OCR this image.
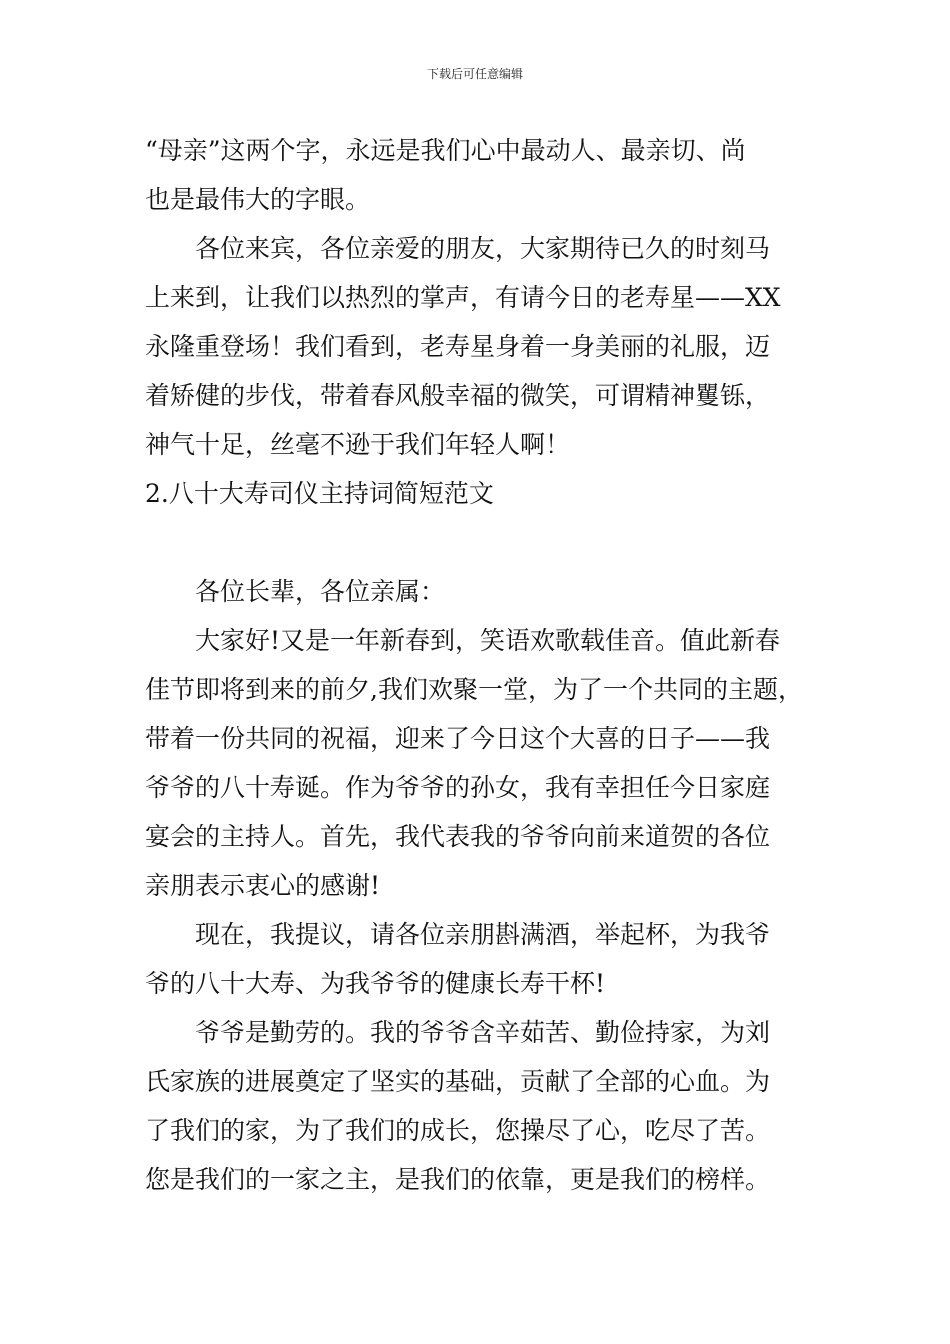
下载后可任意编辑

“母亲”这两个字，永远是我们心中最动人、最亲切、尚
也是最伟大的字眼。

各位来宾，各位亲爱的朋友，大家期待已久的时刻马
上来到，让我们以热烈的掌声，有请今日的老寿星——XX
永隆重登场！我们看到，老寿星身着一身美丽的礼服，迈
着矫健的步伐，带着春风般幸福的微笑，可谓精神矍铄，
神气十足，丝毫不逊于我们年轻人啊！

2.八十大寿司仪主持词简短范文

各位长辈，各位亲属：

大家好!又是一年新春到，笑语欢歌载佳音。值此新春
佳节即将到来的前夕,我们欢聚一堂，为了一个共同的主题，
带着一份共同的祝福，迎来了今日这个大喜的日子——我
爷爷的八十寿诞。作为爷爷的孙女，我有幸担任今日家庭
宴会的主持人。首先，我代表我的爷爷向前来道贺的各位
亲朋表示衷心的感谢!

现在，我提议，请各位亲朋斟满酒，举起杯，为我爷
爷的八十大寿、为我爷爷的健康长寿干杯!

爷爷是勤劳的。我的爷爷含辛茹苦、勤俭持家，为刘
氏家族的进展奠定了坚实的基础，贡献了全部的心血。为
了我们的家，为了我们的成长，您操尽了心，吃尽了苦。
您是我们的一家之主，是我们的依靠，更是我们的榜样。
